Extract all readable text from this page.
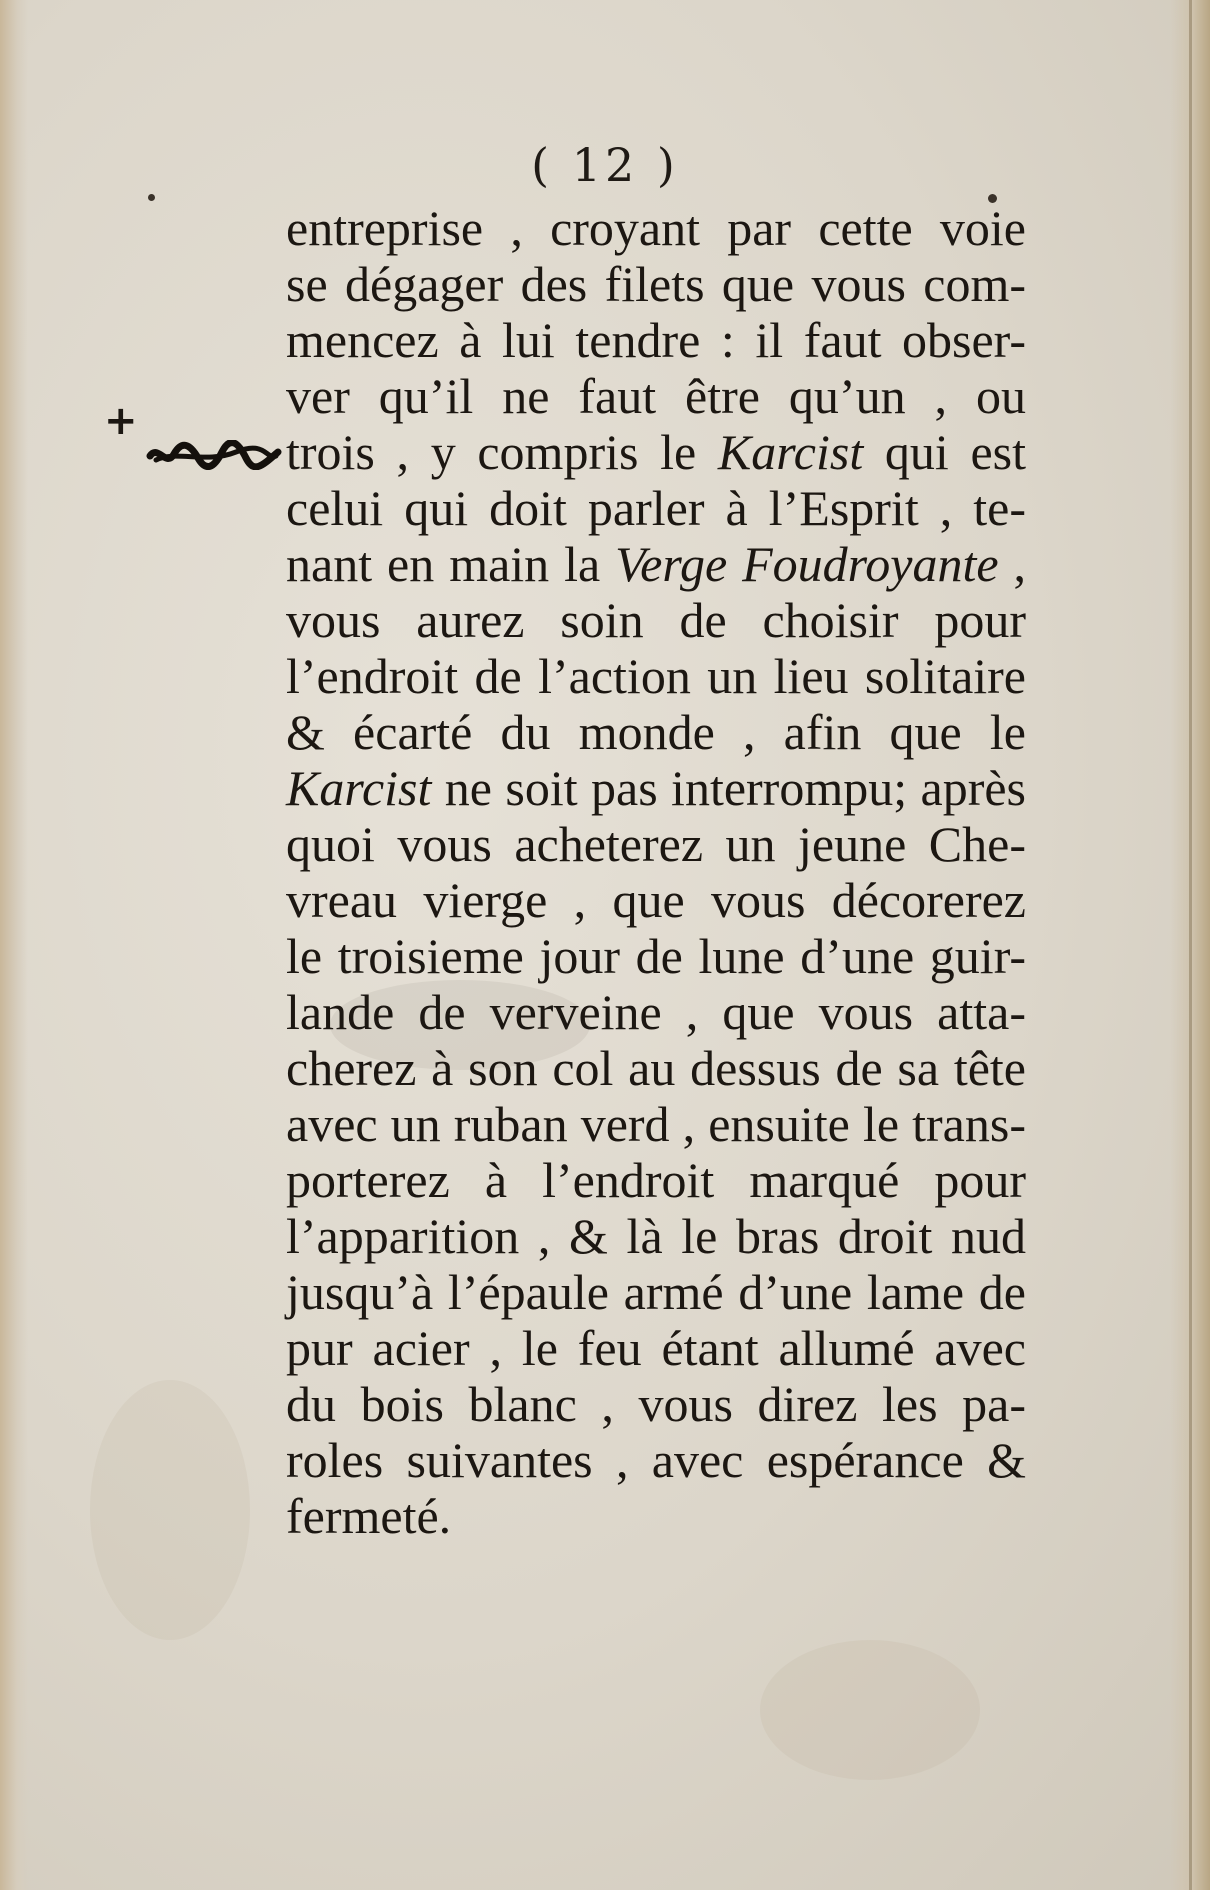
( 12 )
+
entreprise , croyant par cette voie
se dégager des filets que vous com-
mencez à lui tendre : il faut obser-
ver qu’il ne faut être qu’un , ou
trois , y compris le Karcist qui est
celui qui doit parler à l’Esprit , te-
nant en main la Verge Foudroyante ,
vous aurez soin de choisir pour
l’endroit de l’action un lieu solitaire
& écarté du monde , afin que le
Karcist ne soit pas interrompu; après
quoi vous acheterez un jeune Che-
vreau vierge , que vous décorerez
le troisieme jour de lune d’une guir-
lande de verveine , que vous atta-
cherez à son col au dessus de sa tête
avec un ruban verd , ensuite le trans-
porterez à l’endroit marqué pour
l’apparition , & là le bras droit nud
jusqu’à l’épaule armé d’une lame de
pur acier , le feu étant allumé avec
du bois blanc , vous direz les pa-
roles suivantes , avec espérance &
fermeté.
